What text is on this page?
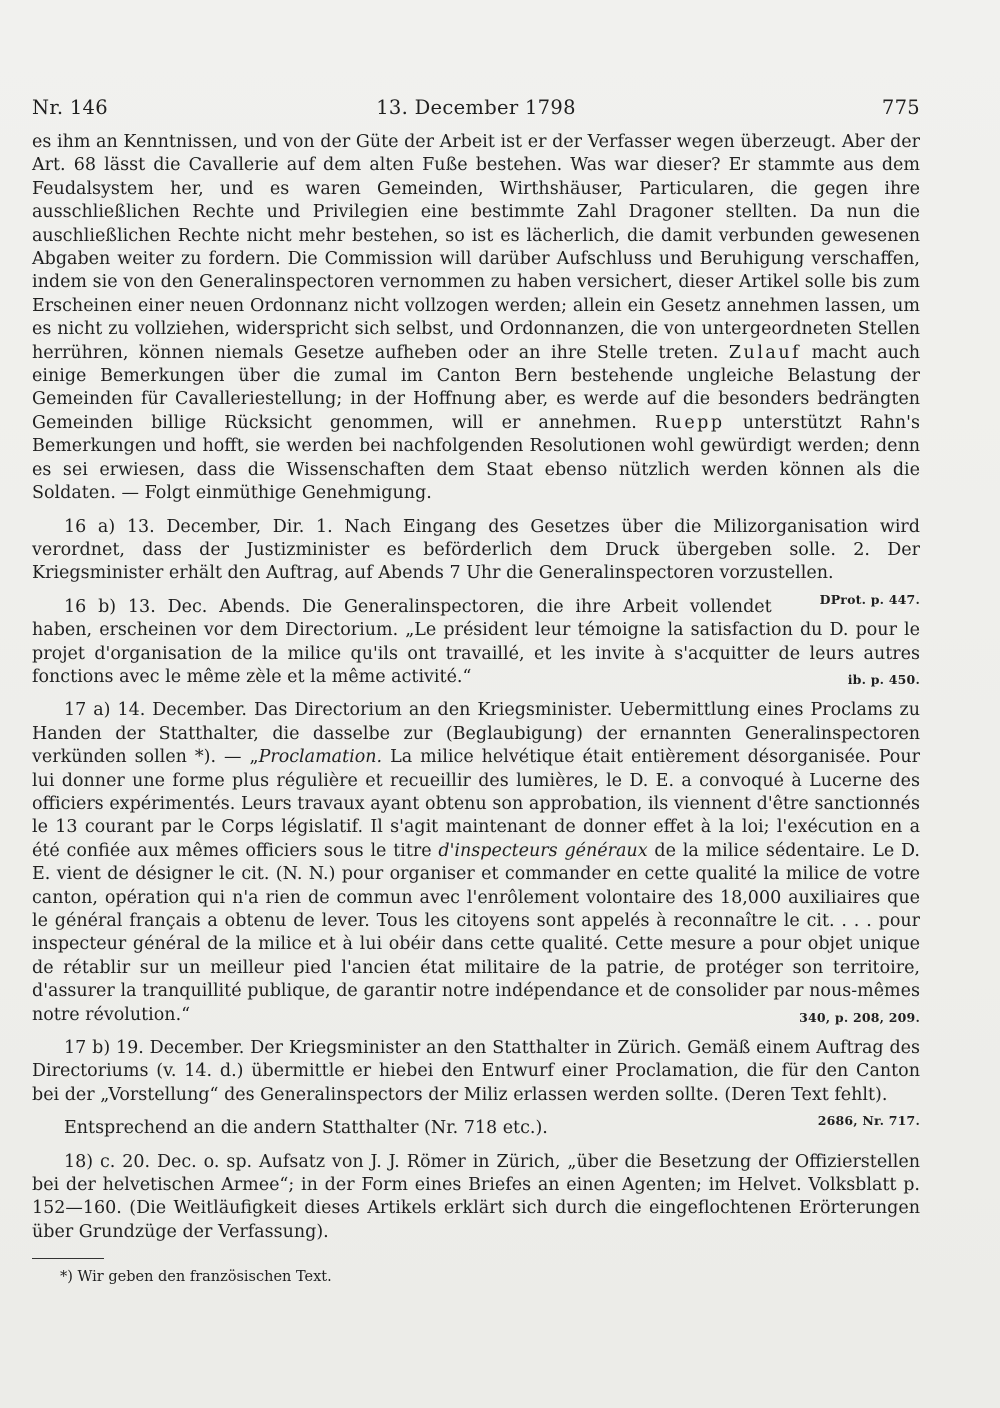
Nr. 146	13. December 1798	775

es ihm an Kenntnissen, und von der Güte der Arbeit ist er der Verfasser wegen überzeugt. Aber der Art. 68 lässt die Cavallerie auf dem alten Fuße bestehen. Was war dieser? Er stammte aus dem Feudalsystem her, und es waren Gemeinden, Wirthshäuser, Particularen, die gegen ihre ausschließlichen Rechte und Privilegien eine bestimmte Zahl Dragoner stellten. Da nun die auschließlichen Rechte nicht mehr bestehen, so ist es lächerlich, die damit verbunden gewesenen Abgaben weiter zu fordern. Die Commission will darüber Aufschluss und Beruhigung verschaffen, indem sie von den Generalinspectoren vernommen zu haben versichert, dieser Artikel solle bis zum Erscheinen einer neuen Ordonnanz nicht vollzogen werden; allein ein Gesetz annehmen lassen, um es nicht zu vollziehen, widerspricht sich selbst, und Ordonnanzen, die von untergeordneten Stellen herrühren, können niemals Gesetze aufheben oder an ihre Stelle treten. Zulauf macht auch einige Bemerkungen über die zumal im Canton Bern bestehende ungleiche Belastung der Gemeinden für Cavalleriestellung; in der Hoffnung aber, es werde auf die besonders bedrängten Gemeinden billige Rücksicht genommen, will er annehmen. Ruepp unterstützt Rahn's Bemerkungen und hofft, sie werden bei nachfolgenden Resolutionen wohl gewürdigt werden; denn es sei erwiesen, dass die Wissenschaften dem Staat ebenso nützlich werden können als die Soldaten. — Folgt einmüthige Genehmigung.

16 a) 13. December, Dir. 1. Nach Eingang des Gesetzes über die Milizorganisation wird verordnet, dass der Justizminister es beförderlich dem Druck übergeben solle. 2. Der Kriegsminister erhält den Auftrag, auf Abends 7 Uhr die Generalinspectoren vorzustellen.
DProt. p. 447.

16 b) 13. Dec. Abends. Die Generalinspectoren, die ihre Arbeit vollendet haben, erscheinen vor dem Directorium. „Le président leur témoigne la satisfaction du D. pour le projet d'organisation de la milice qu'ils ont travaillé, et les invite à s'acquitter de leurs autres fonctions avec le même zèle et la même activité.“	ib. p. 450.

17 a) 14. December. Das Directorium an den Kriegsminister. Uebermittlung eines Proclams zu Handen der Statthalter, die dasselbe zur (Beglaubigung) der ernannten Generalinspectoren verkünden sollen *). — „Proclamation. La milice helvétique était entièrement désorganisée. Pour lui donner une forme plus régulière et recueillir des lumières, le D. E. a convoqué à Lucerne des officiers expérimentés. Leurs travaux ayant obtenu son approbation, ils viennent d'être sanctionnés le 13 courant par le Corps législatif. Il s'agit maintenant de donner effet à la loi; l'exécution en a été confiée aux mêmes officiers sous le titre d'inspecteurs généraux de la milice sédentaire. Le D. E. vient de désigner le cit. (N. N.) pour organiser et commander en cette qualité la milice de votre canton, opération qui n'a rien de commun avec l'enrôlement volontaire des 18,000 auxiliaires que le général français a obtenu de lever. Tous les citoyens sont appelés à reconnaître le cit. . . . pour inspecteur général de la milice et à lui obéir dans cette qualité. Cette mesure a pour objet unique de rétablir sur un meilleur pied l'ancien état militaire de la patrie, de protéger son territoire, d'assurer la tranquillité publique, de garantir notre indépendance et de consolider par nous-mêmes notre révolution.“	340, p. 208, 209.

17 b) 19. December. Der Kriegsminister an den Statthalter in Zürich. Gemäß einem Auftrag des Directoriums (v. 14. d.) übermittle er hiebei den Entwurf einer Proclamation, die für den Canton bei der „Vorstellung“ des Generalinspectors der Miliz erlassen werden sollte. (Deren Text fehlt).
2686, Nr. 717.

Entsprechend an die andern Statthalter (Nr. 718 etc.).

18) c. 20. Dec. o. sp. Aufsatz von J. J. Römer in Zürich, „über die Besetzung der Offizierstellen bei der helvetischen Armee“; in der Form eines Briefes an einen Agenten; im Helvet. Volksblatt p. 152—160. (Die Weitläufigkeit dieses Artikels erklärt sich durch die eingeflochtenen Erörterungen über Grundzüge der Verfassung).

*) Wir geben den französischen Text.
